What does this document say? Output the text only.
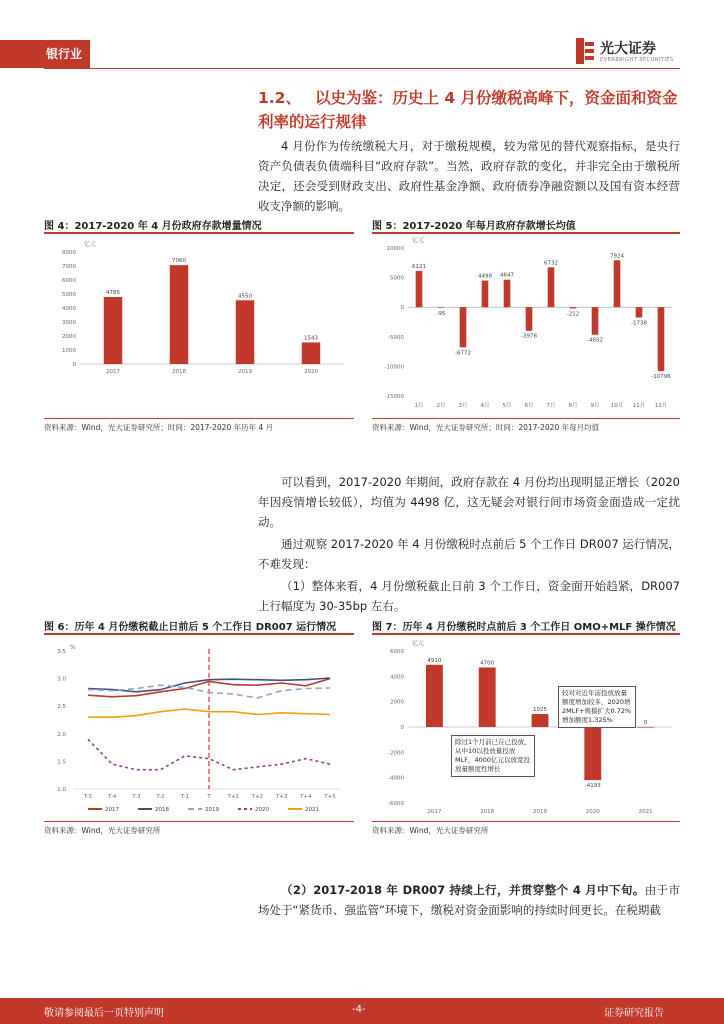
银行业	光大证券
EVERBRIGHT SECURITIES
1.2、 以史为鉴：历史上 4 月份缴税高峰下，资金面和资金利率的运行规律
4 月份作为传统缴税大月，对于缴税规模，较为常见的替代观察指标，是央行资产负债表负债端科目“政府存款”。当然，政府存款的变化，并非完全由于缴税所决定，还会受到财政支出、政府性基金净额、政府债券净融资额以及国有资本经营收支净额的影响。
图 4：2017-2020 年 4 月份政府存款增量情况
亿元
0
1000
2000
3000
4000
5000
6000
7000
8000
4785
2017
7060
2018
4550
2019
1543
2020
资料来源：Wind，光大证券研究所；时间：2017-2020 年历年 4 月
图 5：2017-2020 年每月政府存款增长均值
亿元
-15000
-10000
-5000
0
5000
10000
6121
1月
-95
2月
-6772
3月
4498
4月
4647
5月
-3978
6月
6732
7月
-212
8月
-4652
9月
7924
10月
-1738
11月
-10796
12月
资料来源：Wind，光大证券研究所；时间：2017-2020 年每月均值
可以看到，2017-2020 年期间，政府存款在 4 月份均出现明显正增长（2020 年因疫情增长较低），均值为 4498 亿，这无疑会对银行间市场资金面造成一定扰动。
通过观察 2017-2020 年 4 月份缴税时点前后 5 个工作日 DR007 运行情况，不难发现：
（1）整体来看，4 月份缴税截止日前 3 个工作日，资金面开始趋紧，DR007 上行幅度为 30-35bp 左右。
图 6：历年 4 月份缴税截止日前后 5 个工作日 DR007 运行情况
%
1.0
1.5
2.0
2.5
3.0
3.5
T-5	T-4	T-3	T-2	T-1	T	T+1 T+2 T+3 T+4 T+5
2017	2018	2019	2020	2021
资料来源：Wind，光大证券研究所
图 7：历年 4 月份缴税时点前后 3 个工作日 OMO+MLF 操作情况
亿元
-6000
-4000
-2000
0
2000
4000
6000
4910
2017
4700
2018
1025
2019
-4193
2020
0
2021
除过1个月前已在已投放，从中10以投放量投放MLF，4000亿元以放宽投放量额度性增长
较对对近年前投放放量额度增加较多，2020增2MLF+规模扩大0.72%增加额度1,325%
资料来源：Wind，光大证券研究所
（2）2017-2018 年 DR007 持续上行，并贯穿整个 4 月中下旬。由于市场处于“紧货币、强监管”环境下，缴税对资金面影响的持续时间更长。在税期截
敬请参阅最后一页特别声明	-4-	证券研究报告
